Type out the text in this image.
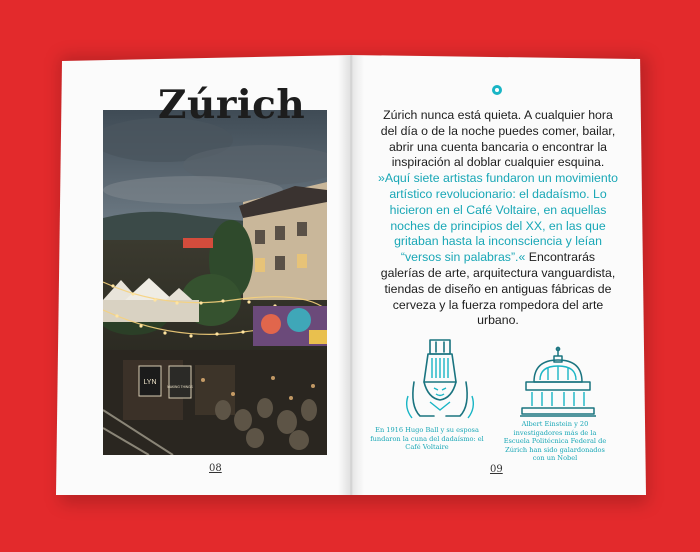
LYN
MAKING THINGS
Zúrich
08
Zúrich nunca está quieta. A cualquier hora del día o de la noche puedes comer, bailar, abrir una cuenta bancaria o encontrar la inspiración al doblar cualquier esquina. »Aquí siete artistas fundaron un movimiento artístico revolucionario: el dadaísmo. Lo hicieron en el Café Voltaire, en aquellas noches de principios del XX, en las que gritaban hasta la inconsciencia y leían “versos sin palabras”.« Encontrarás galerías de arte, arquitectura vanguardista, tiendas de diseño en antiguas fábricas de cerveza y la fuerza rompedora del arte urbano.
En 1916 Hugo Ball y su esposa fundaron la cuna del dadaísmo: el Café Voltaire
Albert Einstein y 20 investigadores más de la Escuela Politécnica Federal de Zúrich han sido galardonados con un Nobel
09
